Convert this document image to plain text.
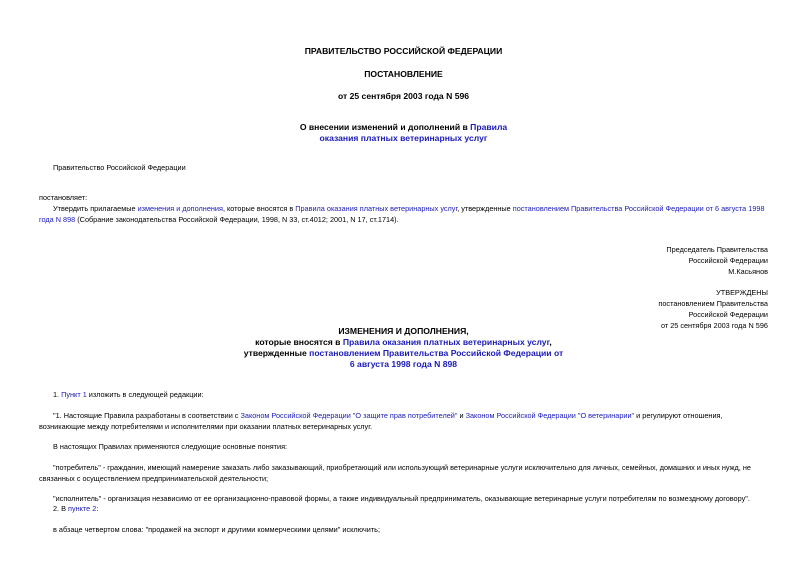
ПРАВИТЕЛЬСТВО РОССИЙСКОЙ ФЕДЕРАЦИИ
ПОСТАНОВЛЕНИЕ
от 25 сентября 2003 года N 596
О внесении изменений и дополнений в Правила
оказания платных ветеринарных услуг
Правительство Российской Федерации
постановляет:
Утвердить прилагаемые изменения и дополнения, которые вносятся в Правила оказания платных ветеринарных услуг, утвержденные постановлением Правительства Российской Федерации от 6 августа 1998 года N 898 (Собрание законодательства Российской Федерации, 1998, N 33, ст.4012; 2001, N 17, ст.1714).
Председатель Правительства
Российской Федерации
М.Касьянов
УТВЕРЖДЕНЫ
постановлением Правительства
Российской Федерации
от 25 сентября 2003 года N 596
ИЗМЕНЕНИЯ И ДОПОЛНЕНИЯ,
которые вносятся в Правила оказания платных ветеринарных услуг,
утвержденные постановлением Правительства Российской Федерации от
6 августа 1998 года N 898
1. Пункт 1 изложить в следующей редакции:
"1. Настоящие Правила разработаны в соответствии с Законом Российской Федерации "О защите прав потребителей" и Законом Российской Федерации "О ветеринарии" и регулируют отношения, возникающие между потребителями и исполнителями при оказании платных ветеринарных услуг.
В настоящих Правилах применяются следующие основные понятия:
"потребитель" - гражданин, имеющий намерение заказать либо заказывающий, приобретающий или использующий ветеринарные услуги исключительно для личных, семейных, домашних и иных нужд, не связанных с осуществлением предпринимательской деятельности;
"исполнитель" - организация независимо от ее организационно-правовой формы, а также индивидуальный предприниматель, оказывающие ветеринарные услуги потребителям по возмездному договору".
2. В пункте 2:
в абзаце четвертом слова: "продажей на экспорт и другими коммерческими целями" исключить;
